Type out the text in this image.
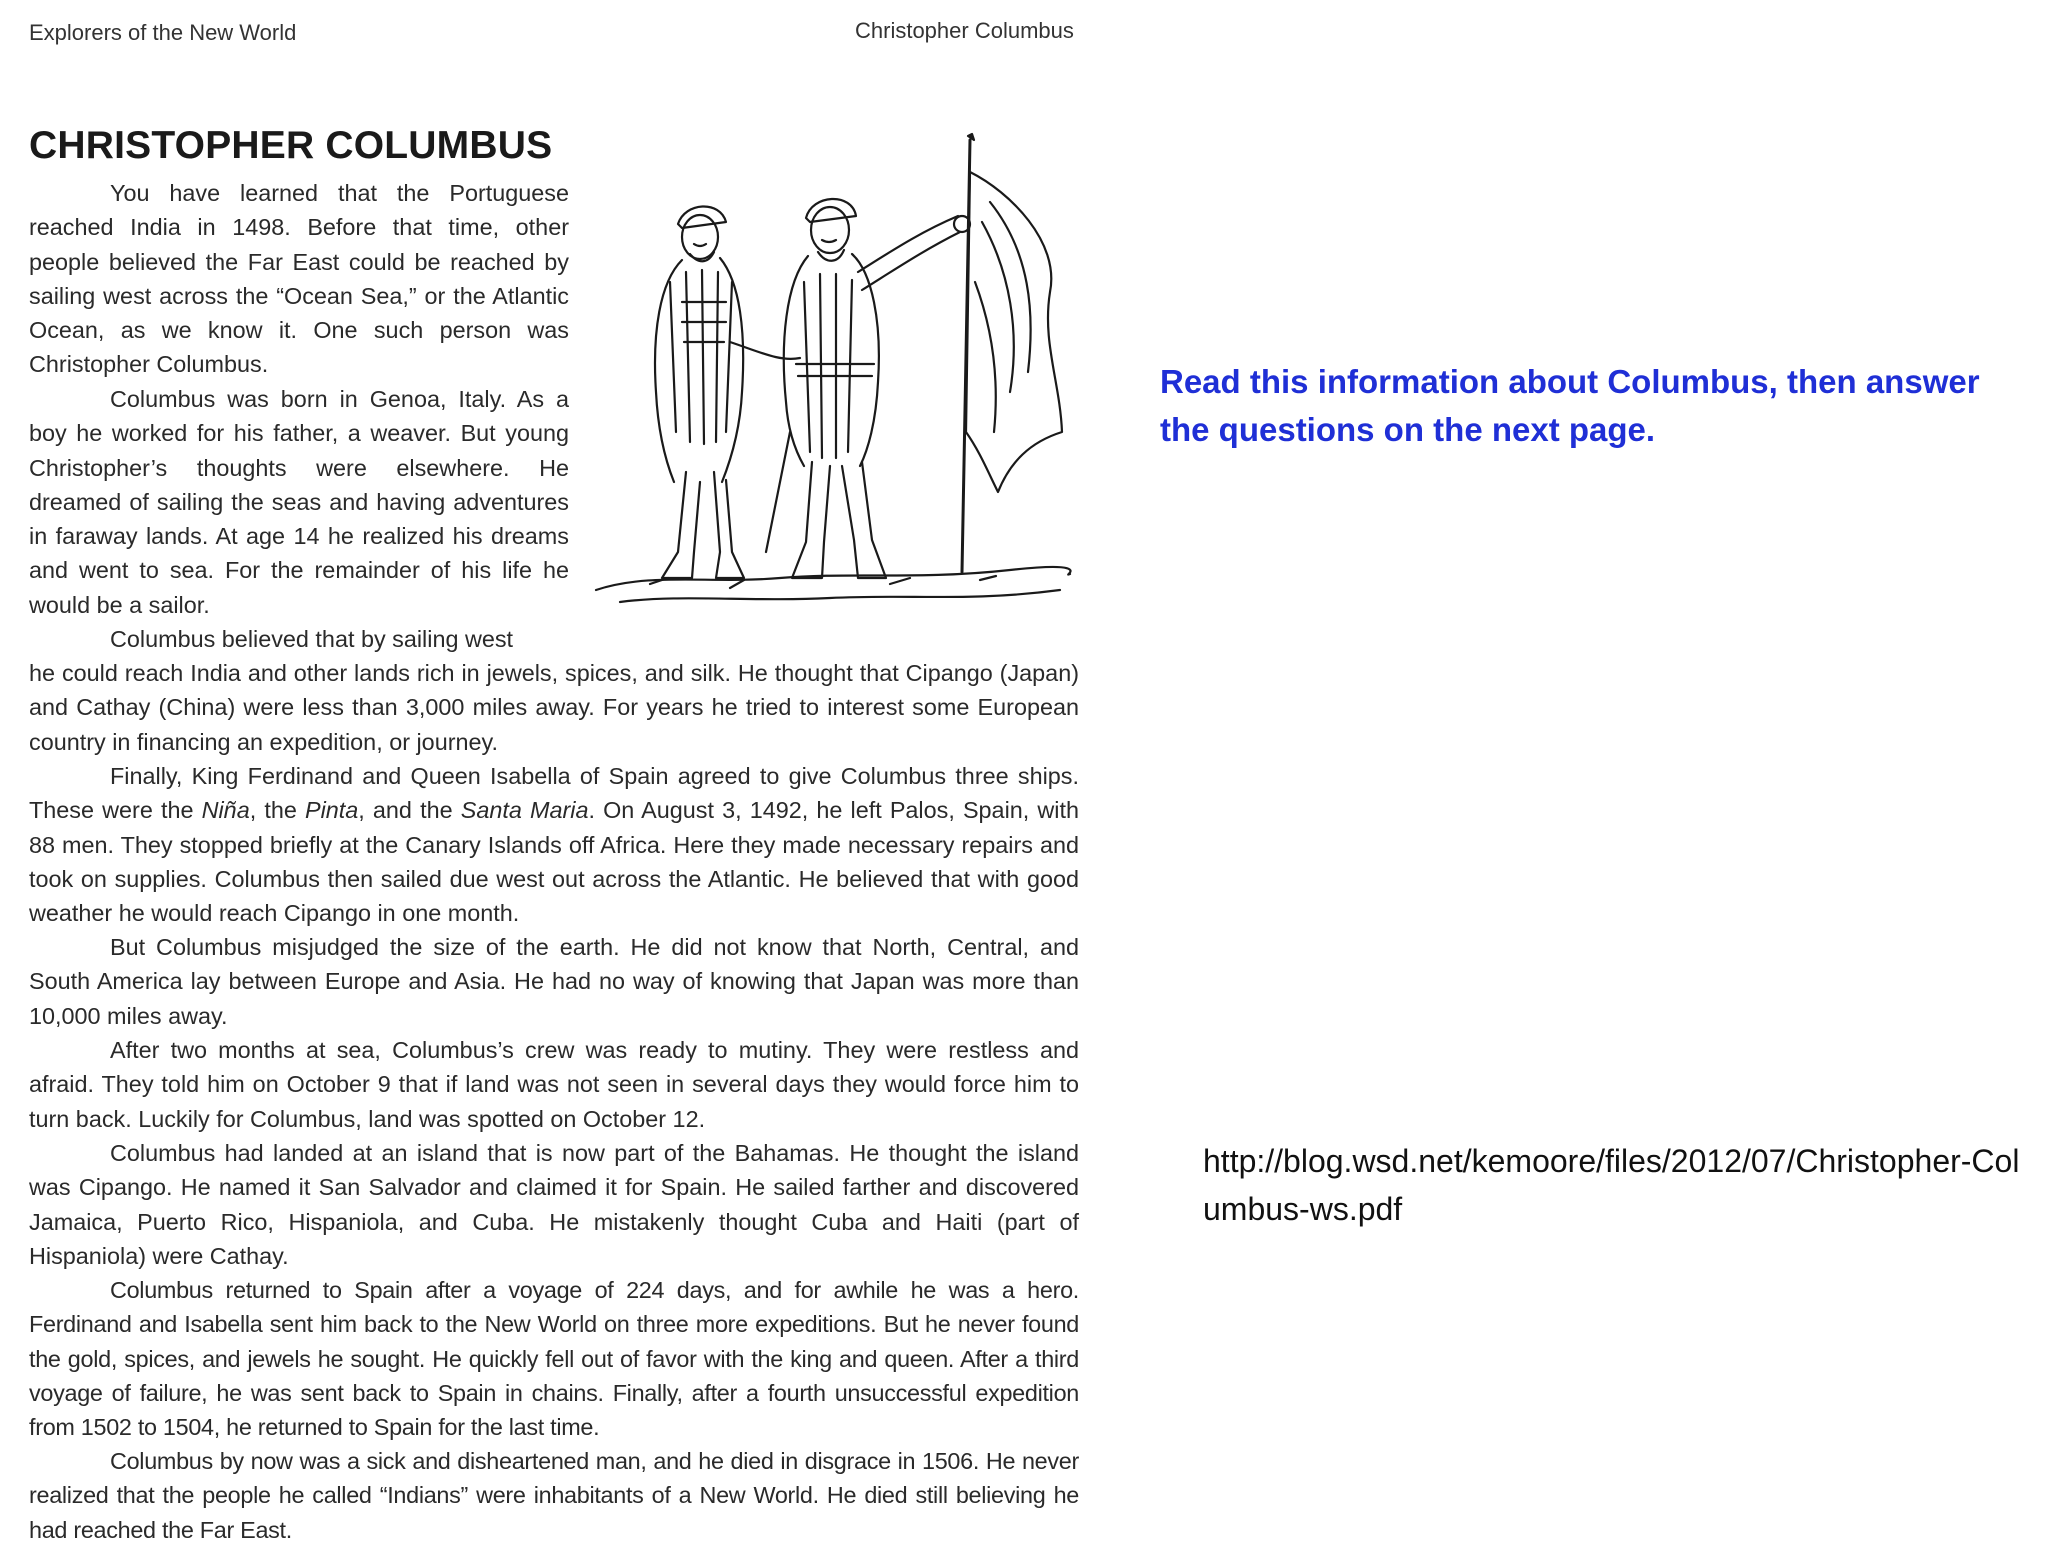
Explorers of the New World	Christopher Columbus
CHRISTOPHER COLUMBUS

You have learned that the Portuguese reached India in 1498. Before that time, other people believed the Far East could be reached by sailing west across the “Ocean Sea,” or the Atlantic Ocean, as we know it. One such person was Christopher Columbus.

Columbus was born in Genoa, Italy. As a boy he worked for his father, a weaver. But young Christopher’s thoughts were elsewhere. He dreamed of sailing the seas and having adventures in faraway lands. At age 14 he realized his dreams and went to sea. For the remainder of his life he would be a sailor.

Columbus believed that by sailing west

he could reach India and other lands rich in jewels, spices, and silk. He thought that Cipango (Japan) and Cathay (China) were less than 3,000 miles away. For years he tried to interest some European country in financing an expedition, or journey.

Finally, King Ferdinand and Queen Isabella of Spain agreed to give Columbus three ships. These were the Niña, the Pinta, and the Santa Maria. On August 3, 1492, he left Palos, Spain, with 88 men. They stopped briefly at the Canary Islands off Africa. Here they made necessary repairs and took on supplies. Columbus then sailed due west out across the Atlantic. He believed that with good weather he would reach Cipango in one month.

But Columbus misjudged the size of the earth. He did not know that North, Central, and South America lay between Europe and Asia. He had no way of knowing that Japan was more than 10,000 miles away.

After two months at sea, Columbus’s crew was ready to mutiny. They were restless and afraid. They told him on October 9 that if land was not seen in several days they would force him to turn back. Luckily for Columbus, land was spotted on October 12.

Columbus had landed at an island that is now part of the Bahamas. He thought the island was Cipango. He named it San Salvador and claimed it for Spain. He sailed farther and discovered Jamaica, Puerto Rico, Hispaniola, and Cuba. He mistakenly thought Cuba and Haiti (part of Hispaniola) were Cathay.

Columbus returned to Spain after a voyage of 224 days, and for awhile he was a hero. Ferdinand and Isabella sent him back to the New World on three more expeditions. But he never found the gold, spices, and jewels he sought. He quickly fell out of favor with the king and queen. After a third voyage of failure, he was sent back to Spain in chains. Finally, after a fourth unsuccessful expedition from 1502 to 1504, he returned to Spain for the last time.

Columbus by now was a sick and disheartened man, and he died in disgrace in 1506. He never realized that the people he called “Indians” were inhabitants of a New World. He died still believing he had reached the Far East.

Read this information about Columbus, then answer the questions on the next page.
http://blog.wsd.net/kemoore/files/2012/07/Christopher-Columbus-ws.pdf
